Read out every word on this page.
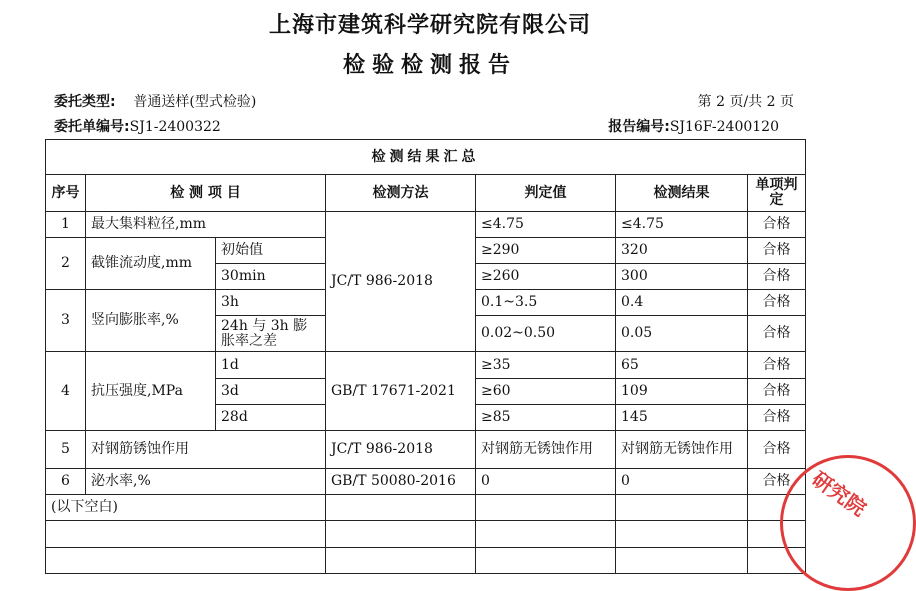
上海市建筑科学研究院有限公司
检验检测报告
委托类型: 普通送样(型式检验)	第 2 页/共 2 页
委托单编号:SJ1-2400322	报告编号:SJ16F-2400120
检测结果汇总						
序号	检 测 项 目		检测方法	判定值	检测结果	单项判定
1	最大集料粒径,mm		JC/T 986-2018	≤4.75	≤4.75	合格
2	截锥流动度,mm	初始值		≥290	320	合格
		30min		≥260	300	合格
3	竖向膨胀率,%	3h		0.1~3.5	0.4	合格
		24h 与 3h 膨胀率之差		0.02~0.50	0.05	合格
4	抗压强度,MPa	1d	GB/T 17671-2021	≥35	65	合格
		3d		≥60	109	合格
		28d		≥85	145	合格
5	对钢筋锈蚀作用		JC/T 986-2018	对钢筋无锈蚀作用	对钢筋无锈蚀作用	合格
6	泌水率,%		GB/T 50080-2016	0	0	合格
(以下空白)						

					研究院
